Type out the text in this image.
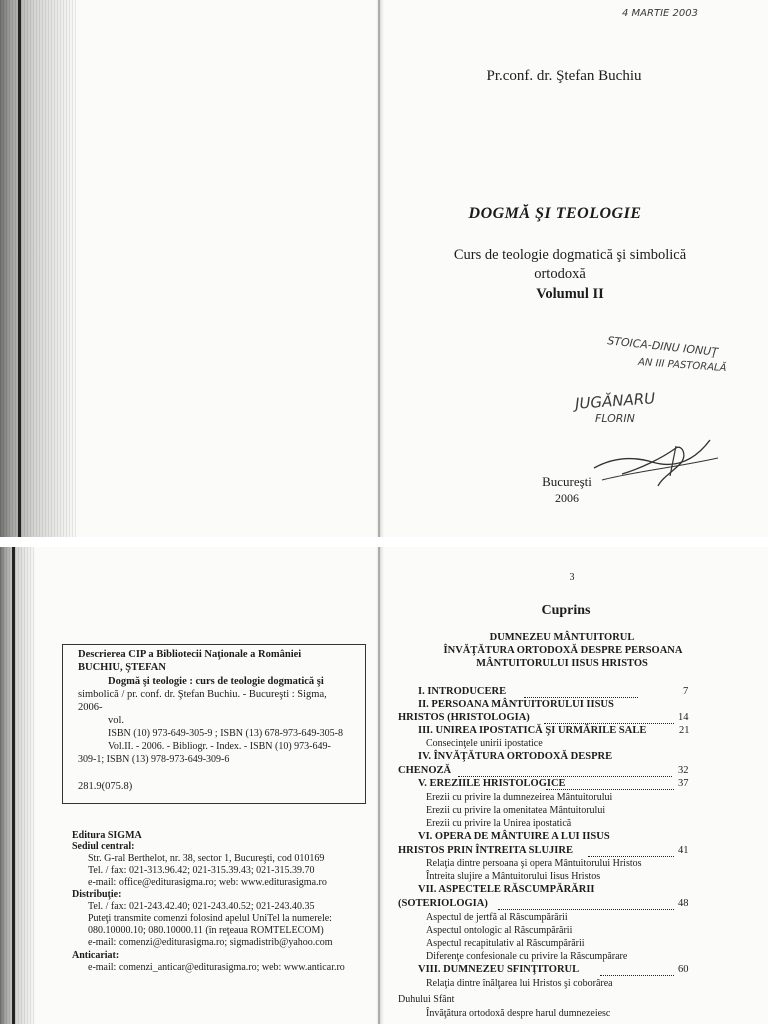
4 MARTIE 2003
Pr.conf. dr. Ştefan Buchiu
DOGMĂ ŞI TEOLOGIE
Curs de teologie dogmatică şi simbolică
ortodoxă
Volumul II
STOICA-DINU IONUŢ
AN III PASTORALĂ
JUGĂNARU
FLORIN
Bucureşti
2006
Descrierea CIP a Bibliotecii Naţionale a României
BUCHIU, ŞTEFAN
Dogmă şi teologie : curs de teologie dogmatică şi
simbolică / pr. conf. dr. Ştefan Buchiu. - Bucureşti : Sigma,
2006-
vol.
ISBN (10) 973-649-305-9 ; ISBN (13) 678-973-649-305-8
Vol.II. - 2006. - Bibliogr. - Index. - ISBN (10) 973-649-
309-1; ISBN (13) 978-973-649-309-6
281.9(075.8)
Editura SIGMA
Sediul central:
Str. G-ral Berthelot, nr. 38, sector 1, Bucureşti, cod 010169
Tel. / fax: 021-313.96.42; 021-315.39.43; 021-315.39.70
e-mail: office@editurasigma.ro; web: www.editurasigma.ro
Distribuţie:
Tel. / fax: 021-243.42.40; 021-243.40.52; 021-243.40.35
Puteţi transmite comenzi folosind apelul UniTel la numerele:
080.10000.10; 080.10000.11 (în reţeaua ROMTELECOM)
e-mail: comenzi@editurasigma.ro; sigmadistrib@yahoo.com
Anticariat:
e-mail: comenzi_anticar@editurasigma.ro; web: www.anticar.ro
3
Cuprins
DUMNEZEU MÂNTUITORUL
ÎNVĂŢĂTURA ORTODOXĂ DESPRE PERSOANA
MÂNTUITORULUI IISUS HRISTOS
I. INTRODUCERE	7
II. PERSOANA MÂNTUITORULUI IISUS
HRISTOS (HRISTOLOGIA)	14
III. UNIREA IPOSTATICĂ ŞI URMĂRILE SALE	21
Consecinţele unirii ipostatice
IV. ÎNVĂŢĂTURA ORTODOXĂ DESPRE
CHENOZĂ	32
V. EREZIILE HRISTOLOGICE	37
Erezii cu privire la dumnezeirea Mântuitorului
Erezii cu privire la omenitatea Mântuitorului
Erezii cu privire la Unirea ipostatică
VI. OPERA DE MÂNTUIRE A LUI IISUS
HRISTOS PRIN ÎNTREITA SLUJIRE	41
Relaţia dintre persoana şi opera Mântuitorului Hristos
Întreita slujire a Mântuitorului Iisus Hristos
VII. ASPECTELE RĂSCUMPĂRĂRII
(SOTERIOLOGIA)	48
Aspectul de jertfă al Răscumpărării
Aspectul ontologic al Răscumpărării
Aspectul recapitulativ al Răscumpărării
Diferenţe confesionale cu privire la Răscumpărare
VIII. DUMNEZEU SFINŢITORUL	60
Relaţia dintre înălţarea lui Hristos şi coborârea
Duhului Sfânt
Învăţătura ortodoxă despre harul dumnezeiesc
